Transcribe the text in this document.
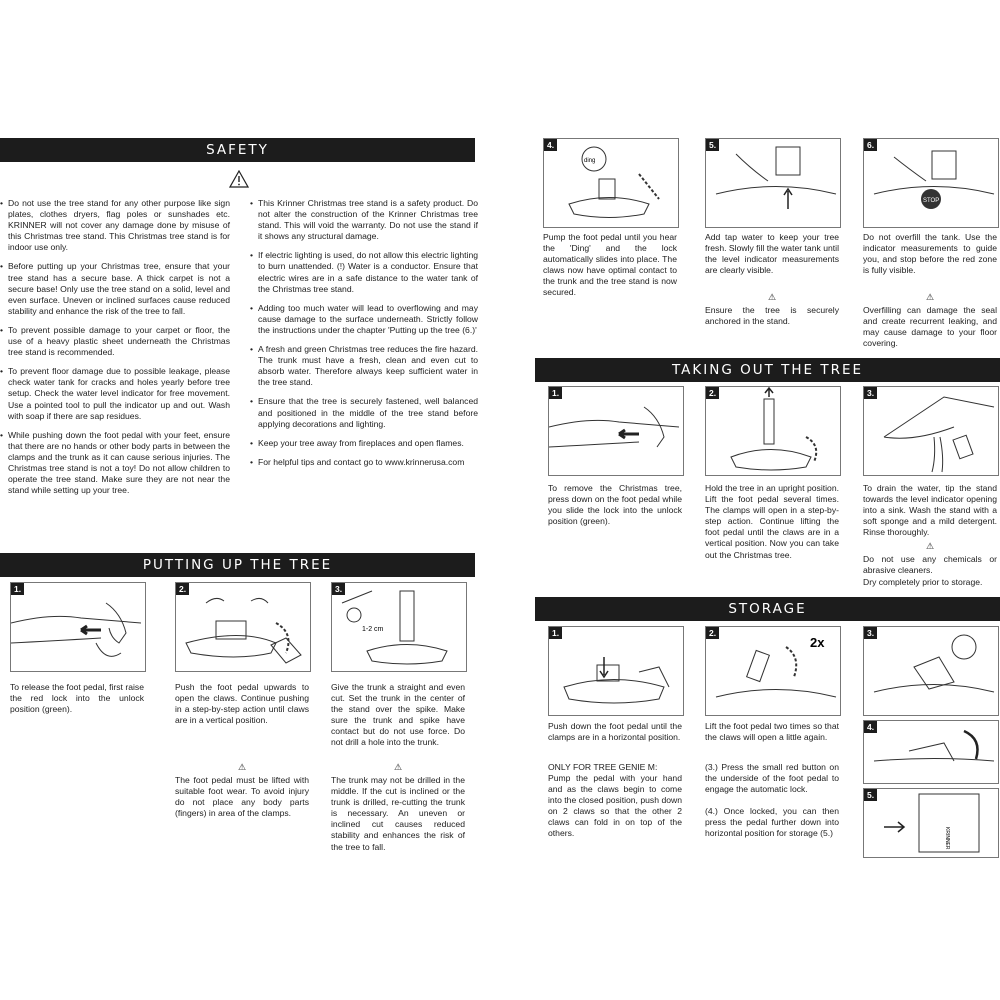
SAFETY
• Do not use the tree stand for any other purpose like sign plates, clothes dryers, flag poles or sunshades etc. KRINNER will not cover any damage done by misuse of this Christmas tree stand. This Christmas tree stand is for indoor use only.
• Before putting up your Christmas tree, ensure that your tree stand has a secure base. A thick carpet is not a secure base! Only use the tree stand on a solid, level and even surface. Uneven or inclined surfaces cause reduced stability and enhance the risk of the tree to fall.
• To prevent possible damage to your carpet or floor, the use of a heavy plastic sheet underneath the Christmas tree stand is recommended.
• To prevent floor damage due to possible leakage, please check water tank for cracks and holes yearly before tree setup. Check the water level indicator for free movement. Use a pointed tool to pull the indicator up and out. Wash with soap if there are sap residues.
• While pushing down the foot pedal with your feet, ensure that there are no hands or other body parts in between the clamps and the trunk as it can cause serious injuries. The Christmas tree stand is not a toy! Do not allow children to operate the tree stand. Make sure they are not near the stand while setting up your tree.
• This Krinner Christmas tree stand is a safety product. Do not alter the construction of the Krinner Christmas tree stand. This will void the warranty. Do not use the stand if it shows any structural damage.
• If electric lighting is used, do not allow this electric lighting to burn unattended. (!) Water is a conductor. Ensure that electric wires are in a safe distance to the water tank of the Christmas tree stand.
• Adding too much water will lead to overflowing and may cause damage to the surface underneath. Strictly follow the instructions under the chapter 'Putting up the tree (6.)'
• A fresh and green Christmas tree reduces the fire hazard. The trunk must have a fresh, clean and even cut to absorb water. Therefore always keep sufficient water in the tree stand.
• Ensure that the tree is securely fastened, well balanced and positioned in the middle of the tree stand before applying decorations and lighting.
• Keep your tree away from fireplaces and open flames.
• For helpful tips and contact go to www.krinnerusa.com
PUTTING UP THE TREE
1.
To release the foot pedal, first raise the red lock into the unlock position (green).
2.
Push the foot pedal upwards to open the claws. Continue pushing in a step-by-step action until claws are in a vertical position.
⚠
The foot pedal must be lifted with suitable foot wear. To avoid injury do not place any body parts (fingers) in area of the clamps.
3.
1-2 cm
Give the trunk a straight and even cut. Set the trunk in the center of the stand over the spike. Make sure the trunk and spike have contact but do not use force. Do not drill a hole into the trunk.
⚠
The trunk may not be drilled in the middle. If the cut is inclined or the trunk is drilled, re-cutting the trunk is necessary. An uneven or inclined cut causes reduced stability and enhances the risk of the tree to fall.
4.
ding
Pump the foot pedal until you hear the 'Ding' and the lock automatically slides into place. The claws now have optimal contact to the trunk and the tree stand is now secured.
5.
Add tap water to keep your tree fresh. Slowly fill the water tank until the level indicator measurements are clearly visible.
⚠
Ensure the tree is securely anchored in the stand.
6.
STOP
Do not overfill the tank. Use the indicator measurements to guide you, and stop before the red zone is fully visible.
⚠
Overfilling can damage the seal and create recurrent leaking, and may cause damage to your floor covering.
TAKING OUT THE TREE
1.
To remove the Christmas tree, press down on the foot pedal while you slide the lock into the unlock position (green).
2.
Hold the tree in an upright position. Lift the foot pedal several times. The clamps will open in a step-by-step action. Continue lifting the foot pedal until the claws are in a vertical position. Now you can take out the Christmas tree.
3.
To drain the water, tip the stand towards the level indicator opening into a sink. Wash the stand with a soft sponge and a mild detergent. Rinse thoroughly.
⚠
Do not use any chemicals or abrasive cleaners.
Dry completely prior to storage.
STORAGE
1.
Push down the foot pedal until the clamps are in a horizontal position.
ONLY FOR TREE GENIE M:
Pump the pedal with your hand and as the claws begin to come into the closed position, push down on 2 claws so that the other 2 claws can fold in on top of the others.
2.
2x
Lift the foot pedal two times so that the claws will open a little again.
(3.) Press the small red button on the underside of the foot pedal to engage the automatic lock.
(4.) Once locked, you can then press the pedal further down into horizontal position for storage (5.)
3.
4.
5.
KRINNER
